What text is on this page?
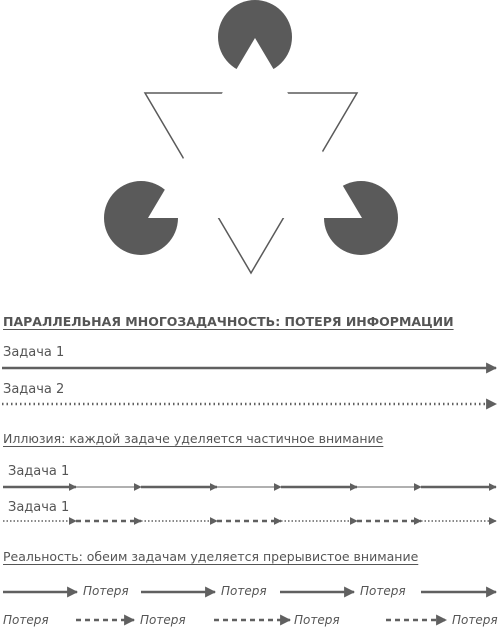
ПАРАЛЛЕЛЬНАЯ МНОГОЗАДАЧНОСТЬ: ПОТЕРЯ ИНФОРМАЦИИ
Задача 1
Задача 2
Иллюзия: каждой задаче уделяется частичное внимание
Задача 1
Задача 1
Реальность: обеим задачам уделяется прерывистое внимание
Потеря	Потеря	Потеря
Потеря	Потеря	Потеря	Потеря
